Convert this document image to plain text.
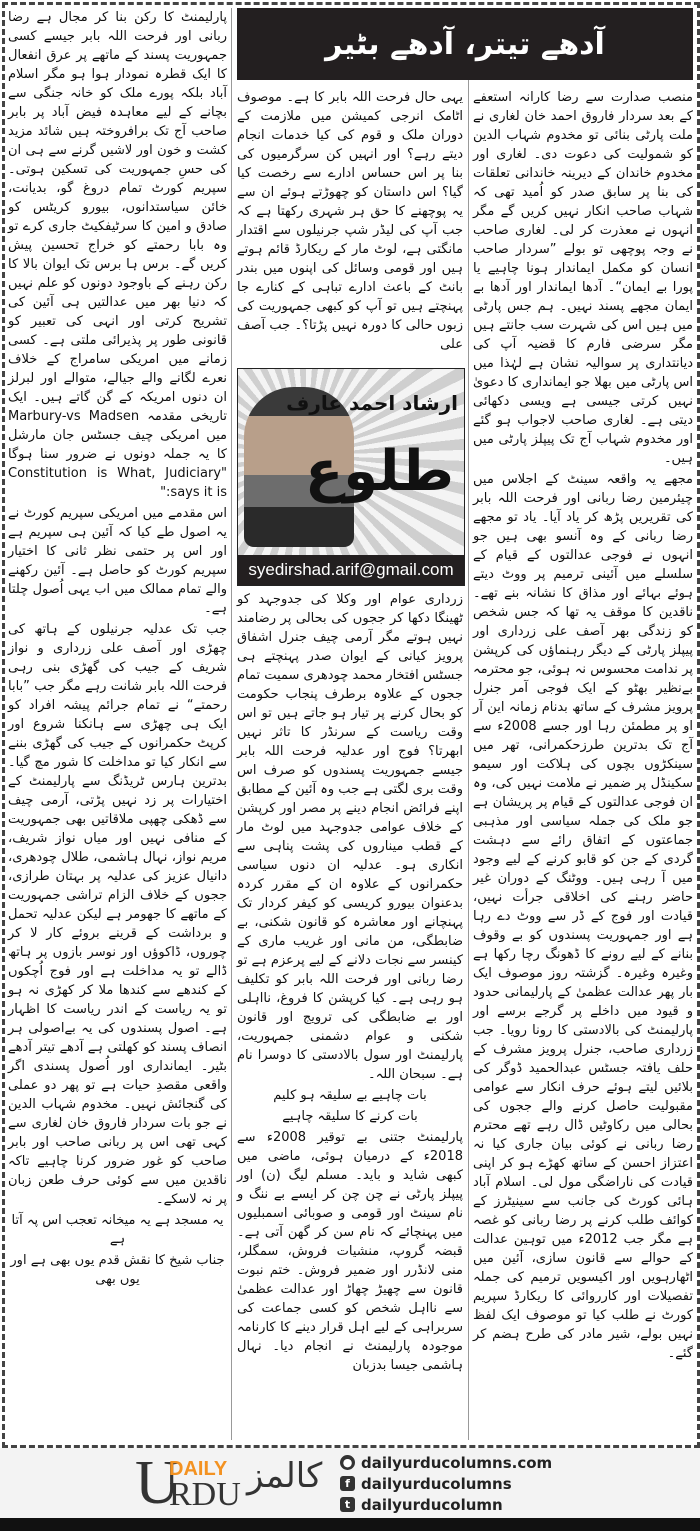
آدھے تیتر، آدھے بٹیر

پارلیمنٹ کا رکن بنا کر مجال ہے رضا ربانی اور فرحت اللہ بابر جیسے کسی جمہوریت پسند کے ماتھے پر عرق انفعال کا ایک قطرہ نمودار ہوا ہو مگر اسلام آباد بلکہ پورے ملک کو خانہ جنگی سے بچانے کے لیے معاہدہ فیض آباد پر بابر صاحب آج تک برافروختہ ہیں شائد مزید کشت و خون اور لاشیں گرنے سے ہی ان کی حسِ جمہوریت کی تسکین ہوتی۔ سپریم کورٹ تمام دروغ گو، بدیانت، خائن سیاستدانوں، بیورو کریٹس کو صادق و امین کا سرٹیفکیٹ جاری کرے تو وہ بابا رحمتے کو خراج تحسین پیش کریں گے۔ برس ہا برس تک ایوان بالا کا رکن رہنے کے باوجود دونوں کو علم نہیں کہ دنیا بھر میں عدالتیں ہی آئین کی تشریح کرتی اور انہی کی تعبیر کو قانونی طور پر پذیرائی ملتی ہے۔ کسی زمانے میں امریکی سامراج کے خلاف نعرے لگانے والے جیالے، متوالے اور لبرلز ان دنوں امریکہ کے گن گاتے ہیں۔ ایک تاریخی مقدمہ Marbury-vs Madsen میں امریکی چیف جسٹس جان مارشل کا یہ جملہ دونوں نے ضرور سنا ہوگا "Constitution is What, Judiciary says it is:"

اس مقدمے میں امریکی سپریم کورٹ نے یہ اصول طے کیا کہ آئین ہی سپریم ہے اور اس پر حتمی نظر ثانی کا اختیار سپریم کورٹ کو حاصل ہے۔ آئین رکھنے والے تمام ممالک میں اب یہی اُصول چلتا ہے۔

جب تک عدلیہ جرنیلوں کے ہاتھ کی چھڑی اور آصف علی زرداری و نواز شریف کے جیب کی گھڑی بنی رہی فرحت اللہ بابر شانت رہے مگر جب ”بابا رحمتے“ نے تمام جرائم پیشہ افراد کو ایک ہی چھڑی سے ہانکنا شروع اور کرپٹ حکمرانوں کے جیب کی گھڑی بننے سے انکار کیا تو مداخلت کا شور مچ گیا۔ بدترین ہارس ٹریڈنگ سے پارلیمنٹ کے اختیارات پر زد نہیں پڑتی، آرمی چیف سے ڈھکی چھپی ملاقاتیں بھی جمہوریت کے منافی نہیں اور میاں نواز شریف، مریم نواز، نہال ہاشمی، طلال چودھری، دانیال عزیز کی عدلیہ پر بہتان طرازی، ججوں کے خلاف الزام تراشی جمہوریت کے ماتھے کا جھومر ہے لیکن عدلیہ تحمل و برداشت کے قرینے بروئے کار لا کر چوروں، ڈاکوؤں اور نوسر بازوں پر ہاتھ ڈالے تو یہ مداخلت ہے اور فوج اُچکوں کے کندھے سے کندھا ملا کر کھڑی نہ ہو تو یہ ریاست کے اندر ریاست کا اظہار ہے۔ اصول پسندوں کی یہ بےاصولی ہر انصاف پسند کو کھلتی ہے آدھے تیتر آدھے بٹیر۔ ایمانداری اور اُصول پسندی اگر واقعی مقصدِ حیات ہے تو پھر دو عملی کی گنجائش نہیں۔ مخدوم شہاب الدین نے جو بات سردار فاروق خان لغاری سے کہی تھی اس پر ربانی صاحب اور بابر صاحب کو غور ضرور کرنا چاہیے تاکہ ناقدین میں سے کوئی حرف طعن زبان پر نہ لاسکے۔

یہ مسجد ہے یہ میخانہ تعجب اس پہ آتا ہے

جناب شیخ کا نقش قدم یوں بھی ہے اور یوں بھی

یہی حال فرحت اللہ بابر کا ہے۔ موصوف اٹامک انرجی کمیشن میں ملازمت کے دوران ملک و قوم کی کیا خدمات انجام دیتے رہے؟ اور انہیں کن سرگرمیوں کی بنا پر اس حساس ادارے سے رخصت کیا گیا؟ اس داستان کو چھوڑتے ہوئے ان سے یہ پوچھنے کا حق ہر شہری رکھتا ہے کہ جب آپ کی لیڈر شپ جرنیلوں سے اقتدار مانگتی ہے، لوٹ مار کے ریکارڈ قائم ہوتے ہیں اور قومی وسائل کی اپنوں میں بندر بانٹ کے باعث ادارے تباہی کے کنارے جا پہنچتے ہیں تو آپ کو کبھی جمہوریت کی زبوں حالی کا دورہ نہیں پڑتا؟۔ جب آصف علی

ارشاد احمد عارف
طلوع
syedirshad.arif@gmail.com

زرداری عوام اور وکلا کی جدوجہد کو ٹھینگا دکھا کر ججوں کی بحالی پر رضامند نہیں ہوتے مگر آرمی چیف جنرل اشفاق پرویز کیانی کے ایوان صدر پہنچتے ہی جسٹس افتخار محمد چودھری سمیت تمام ججوں کے علاوہ برطرف پنجاب حکومت کو بحال کرنے پر تیار ہو جاتے ہیں تو اس وقت ریاست کے سرنڈر کا تاثر نہیں ابھرتا؟ فوج اور عدلیہ فرحت اللہ بابر جیسے جمہوریت پسندوں کو صرف اس وقت بری لگتی ہے جب وہ آئین کے مطابق اپنے فرائض انجام دینے پر مصر اور کرپشن کے خلاف عوامی جدوجہد میں لوٹ مار کے قطب میناروں کی پشت پناہی سے انکاری ہو۔ عدلیہ ان دنوں سیاسی حکمرانوں کے علاوہ ان کے مقرر کردہ بدعنوان بیورو کریسی کو کیفر کردار تک پہنچانے اور معاشرہ کو قانون شکنی، بے ضابطگی، من مانی اور غریب ماری کے کینسر سے نجات دلانے کے لیے پرعزم ہے تو رضا ربانی اور فرحت اللہ بابر کو تکلیف ہو رہی ہے۔ کیا کرپشن کا فروغ، نااہلی اور بے ضابطگی کی ترویج اور قانون شکنی و عوام دشمنی جمہوریت، پارلیمنٹ اور سول بالادستی کا دوسرا نام ہے۔ سبحان اللہ۔

بات چاہیے بے سلیقہ ہو کلیم

بات کرنے کا سلیقہ چاہیے

پارلیمنٹ جتنی بے توقیر 2008ء سے 2018ء کے درمیان ہوئی، ماضی میں کبھی شاید و باید۔ مسلم لیگ (ن) اور پیپلز پارٹی نے چن چن کر ایسے بے ننگ و نام سینٹ اور قومی و صوبائی اسمبلیوں میں پہنچائے کہ نام سن کر گھن آتی ہے۔ قبضہ گروپ، منشیات فروش، سمگلر، منی لانڈرر اور ضمیر فروش۔ ختم نبوت قانون سے چھیڑ چھاڑ اور عدالت عظمیٰ سے نااہل شخص کو کسی جماعت کی سربراہی کے لیے اہل قرار دینے کا کارنامہ موجودہ پارلیمنٹ نے انجام دیا۔ نہال ہاشمی جیسا بدزبان

منصب صدارت سے رضا کارانہ استعفے کے بعد سردار فاروق احمد خان لغاری نے ملت پارٹی بنائی تو مخدوم شہاب الدین کو شمولیت کی دعوت دی۔ لغاری اور مخدوم خاندان کے دیرینہ خاندانی تعلقات کی بنا پر سابق صدر کو اُمید تھی کہ شہاب صاحب انکار نہیں کریں گے مگر انہوں نے معذرت کر لی۔ لغاری صاحب نے وجہ پوچھی تو بولے ”سردار صاحب انسان کو مکمل ایماندار ہونا چاہیے یا پورا بے ایمان“۔ آدھا ایماندار اور آدھا بے ایمان مجھے پسند نہیں۔ ہم جس پارٹی میں ہیں اس کی شہرت سب جانتے ہیں مگر سرضی فارم کا قضیہ آپ کی دیانتداری پر سوالیہ نشان ہے لہٰذا میں اس پارٹی میں بھلا جو ایمانداری کا دعویٰ نہیں کرتی جیسی ہے ویسی دکھائی دیتی ہے۔ لغاری صاحب لاجواب ہو گئے اور مخدوم شہاب آج تک پیپلز پارٹی میں ہیں۔

مجھے یہ واقعہ سینٹ کے اجلاس میں چیئرمین رضا ربانی اور فرحت اللہ بابر کی تقریریں پڑھ کر یاد آیا۔ یاد تو مجھے رضا ربانی کے وہ آنسو بھی ہیں جو انہوں نے فوجی عدالتوں کے قیام کے سلسلے میں آئینی ترمیم پر ووٹ دیتے ہوئے بہائے اور مذاق کا نشانہ بنے تھے۔ ناقدین کا موقف یہ تھا کہ جس شخص کو زندگی بھر آصف علی زرداری اور پیپلز پارٹی کے دیگر رہنماؤں کی کرپشن پر ندامت محسوس نہ ہوئی، جو محترمہ بےنظیر بھٹو کے ایک فوجی آمر جنرل پرویز مشرف کے ساتھ بدنام زمانہ این آر او پر مطمئن رہا اور جسے 2008ء سے آج تک بدترین طرزحکمرانی، تھر میں سینکڑوں بچوں کی ہلاکت اور سیمو سکینڈل پر ضمیر نے ملامت نہیں کی، وہ ان فوجی عدالتوں کے قیام پر پریشان ہے جو ملک کی جملہ سیاسی اور مذہبی جماعتوں کے اتفاق رائے سے دہشت گردی کے جن کو قابو کرنے کے لیے وجود میں آ رہی ہیں۔ ووٹنگ کے دوران غیر حاضر رہنے کی اخلاقی جرأت نہیں، قیادت اور فوج کے ڈر سے ووٹ دے رہا ہے اور جمہوریت پسندوں کو بے وقوف بنانے کے لیے رونے کا ڈھونگ رچا رکھا ہے وغیرہ وغیرہ۔ گزشتہ روز موصوف ایک بار پھر عدالت عظمیٰ کے پارلیمانی حدود و قیود میں داخلے پر گرجے برسے اور پارلیمنٹ کی بالادستی کا رونا رویا۔ جب زرداری صاحب، جنرل پرویز مشرف کے حلف یافتہ جسٹس عبدالحمید ڈوگر کی بلائیں لیتے ہوئے حرف انکار سے عوامی مقبولیت حاصل کرنے والے ججوں کی بحالی میں رکاوٹیں ڈال رہے تھے محترم رضا ربانی نے کوئی بیان جاری کیا نہ اعتزاز احسن کے ساتھ کھڑے ہو کر اپنی قیادت کی ناراضگی مول لی۔ اسلام آباد ہائی کورٹ کی جانب سے سینیٹرز کے کوائف طلب کرنے پر رضا ربانی کو غصہ ہے مگر جب 2012ء میں توہین عدالت کے حوالے سے قانون سازی، آئین میں اٹھارہویں اور اکیسویں ترمیم کی جملہ تفصیلات اور کارروائی کا ریکارڈ سپریم کورٹ نے طلب کیا تو موصوف ایک لفظ نہیں بولے، شیر مادر کی طرح ہضم کر گئے۔

U
DAILY
RDU کالمز ● dailyurducolumns.com
f dailyurducolumns
t dailyurducolumn
